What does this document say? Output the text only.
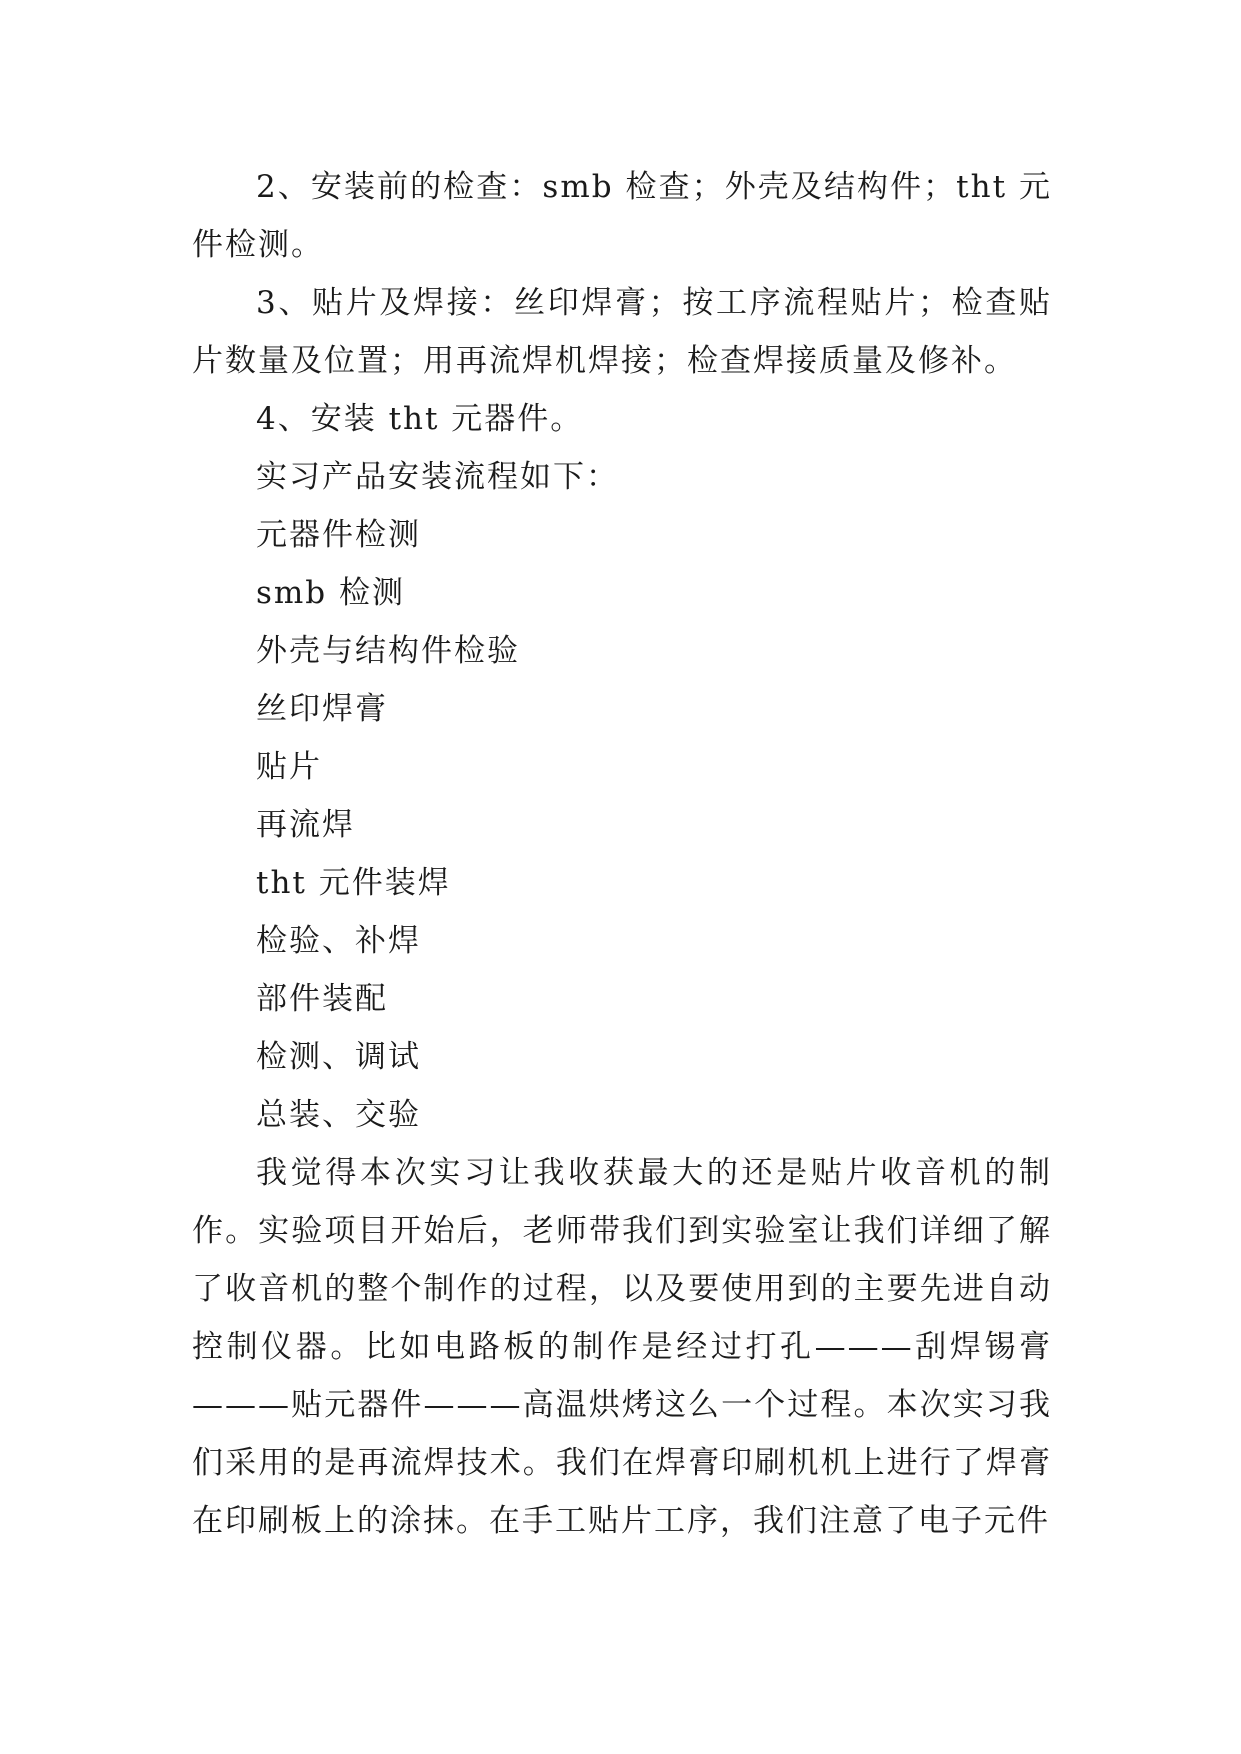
2、安装前的检查：smb 检查；外壳及结构件；tht 元件检测。

3、贴片及焊接：丝印焊膏；按工序流程贴片；检查贴片数量及位置；用再流焊机焊接；检查焊接质量及修补。

4、安装 tht 元器件。

实习产品安装流程如下：
元器件检测
smb 检测
外壳与结构件检验
丝印焊膏
贴片
再流焊
tht 元件装焊
检验、补焊
部件装配
检测、调试
总装、交验

我觉得本次实习让我收获最大的还是贴片收音机的制作。实验项目开始后，老师带我们到实验室让我们详细了解了收音机的整个制作的过程，以及要使用到的主要先进自动控制仪器。比如电路板的制作是经过打孔———刮焊锡膏———贴元器件———高温烘烤这么一个过程。本次实习我们采用的是再流焊技术。我们在焊膏印刷机机上进行了焊膏在印刷板上的涂抹。在手工贴片工序，我们注意了电子元件
